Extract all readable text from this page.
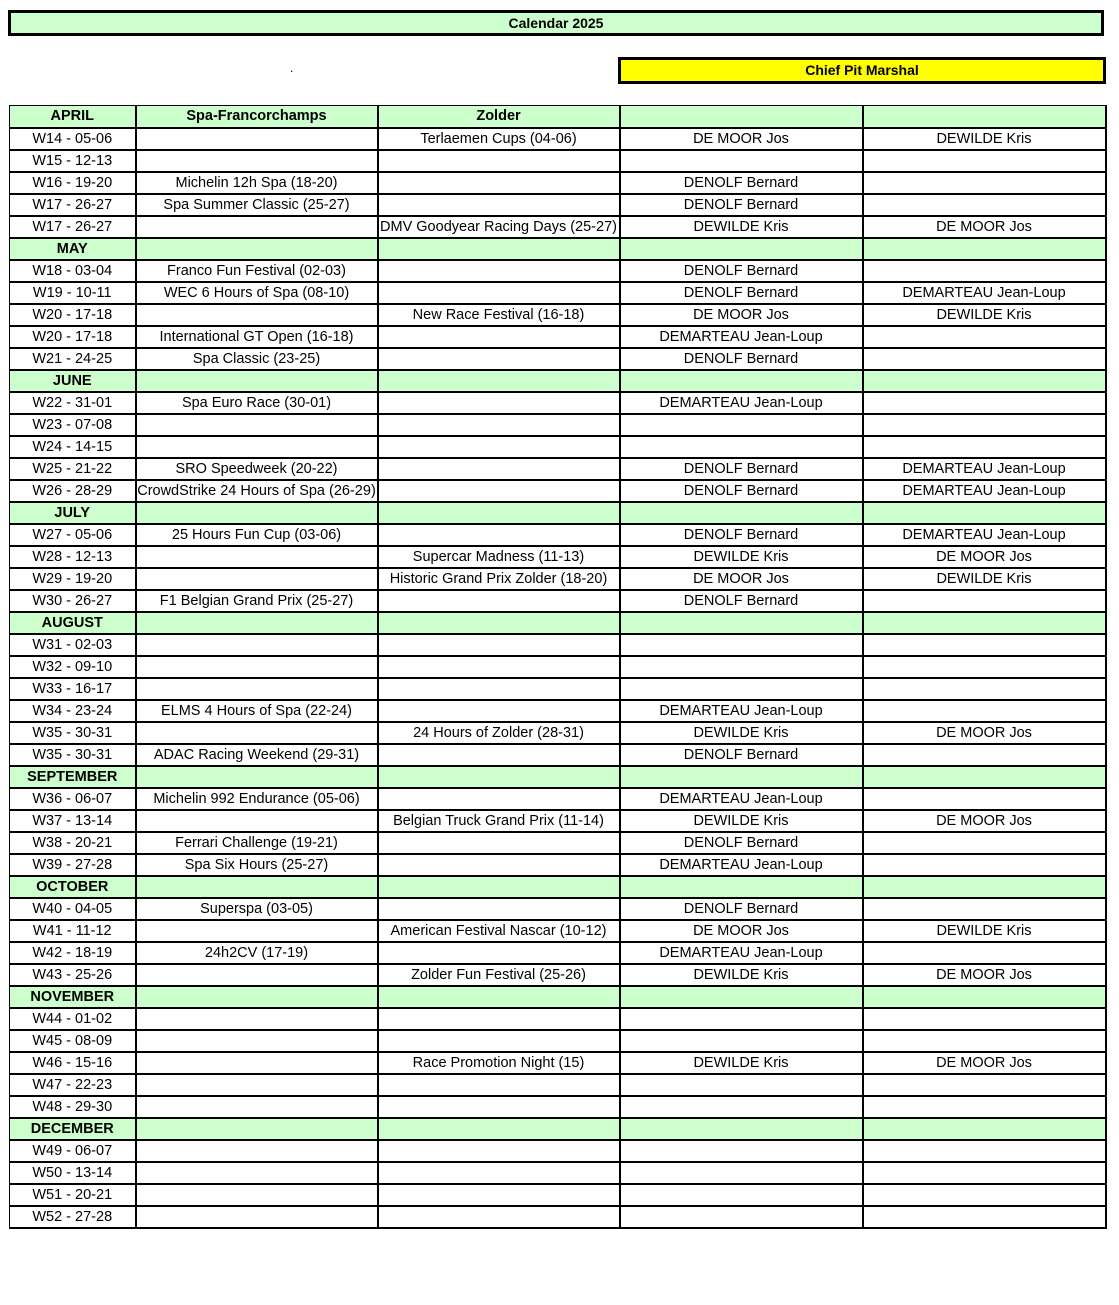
Calendar 2025
.	Chief Pit Marshal
APRIL	Spa-Francorchamps	Zolder		
W14 - 05-06		Terlaemen Cups (04-06)	DE MOOR Jos	DEWILDE Kris
W15 - 12-13				
W16 - 19-20	Michelin 12h Spa (18-20)		DENOLF Bernard	
W17 - 26-27	Spa Summer Classic (25-27)		DENOLF Bernard	
W17 - 26-27		DMV Goodyear Racing Days (25-27)	DEWILDE Kris	DE MOOR Jos
MAY				
W18 - 03-04	Franco Fun Festival (02-03)		DENOLF Bernard	
W19 - 10-11	WEC 6 Hours of Spa (08-10)		DENOLF Bernard	DEMARTEAU Jean-Loup
W20 - 17-18		New Race Festival (16-18)	DE MOOR Jos	DEWILDE Kris
W20 - 17-18	International GT Open (16-18)		DEMARTEAU Jean-Loup	
W21 - 24-25	Spa Classic (23-25)		DENOLF Bernard	
JUNE				
W22 - 31-01	Spa Euro Race (30-01)		DEMARTEAU Jean-Loup	
W23 - 07-08				
W24 - 14-15				
W25 - 21-22	SRO Speedweek (20-22)		DENOLF Bernard	DEMARTEAU Jean-Loup
W26 - 28-29	CrowdStrike 24 Hours of Spa (26-29)		DENOLF Bernard	DEMARTEAU Jean-Loup
JULY				
W27 - 05-06	25 Hours Fun Cup (03-06)		DENOLF Bernard	DEMARTEAU Jean-Loup
W28 - 12-13		Supercar Madness (11-13)	DEWILDE Kris	DE MOOR Jos
W29 - 19-20		Historic Grand Prix Zolder (18-20)	DE MOOR Jos	DEWILDE Kris
W30 - 26-27	F1 Belgian Grand Prix (25-27)		DENOLF Bernard	
AUGUST				
W31 - 02-03				
W32 - 09-10				
W33 - 16-17				
W34 - 23-24	ELMS 4 Hours of Spa (22-24)		DEMARTEAU Jean-Loup	
W35 - 30-31		24 Hours of Zolder (28-31)	DEWILDE Kris	DE MOOR Jos
W35 - 30-31	ADAC Racing Weekend (29-31)		DENOLF Bernard	
SEPTEMBER				
W36 - 06-07	Michelin 992 Endurance (05-06)		DEMARTEAU Jean-Loup	
W37 - 13-14		Belgian Truck Grand Prix (11-14)	DEWILDE Kris	DE MOOR Jos
W38 - 20-21	Ferrari Challenge (19-21)		DENOLF Bernard	
W39 - 27-28	Spa Six Hours (25-27)		DEMARTEAU Jean-Loup	
OCTOBER				
W40 - 04-05	Superspa (03-05)		DENOLF Bernard	
W41 - 11-12		American Festival Nascar (10-12)	DE MOOR Jos	DEWILDE Kris
W42 - 18-19	24h2CV (17-19)		DEMARTEAU Jean-Loup	
W43 - 25-26		Zolder Fun Festival (25-26)	DEWILDE Kris	DE MOOR Jos
NOVEMBER				
W44 - 01-02				
W45 - 08-09				
W46 - 15-16		Race Promotion Night (15)	DEWILDE Kris	DE MOOR Jos
W47 - 22-23				
W48 - 29-30				
DECEMBER				
W49 - 06-07				
W50 - 13-14				
W51 - 20-21				
W52 - 27-28				
